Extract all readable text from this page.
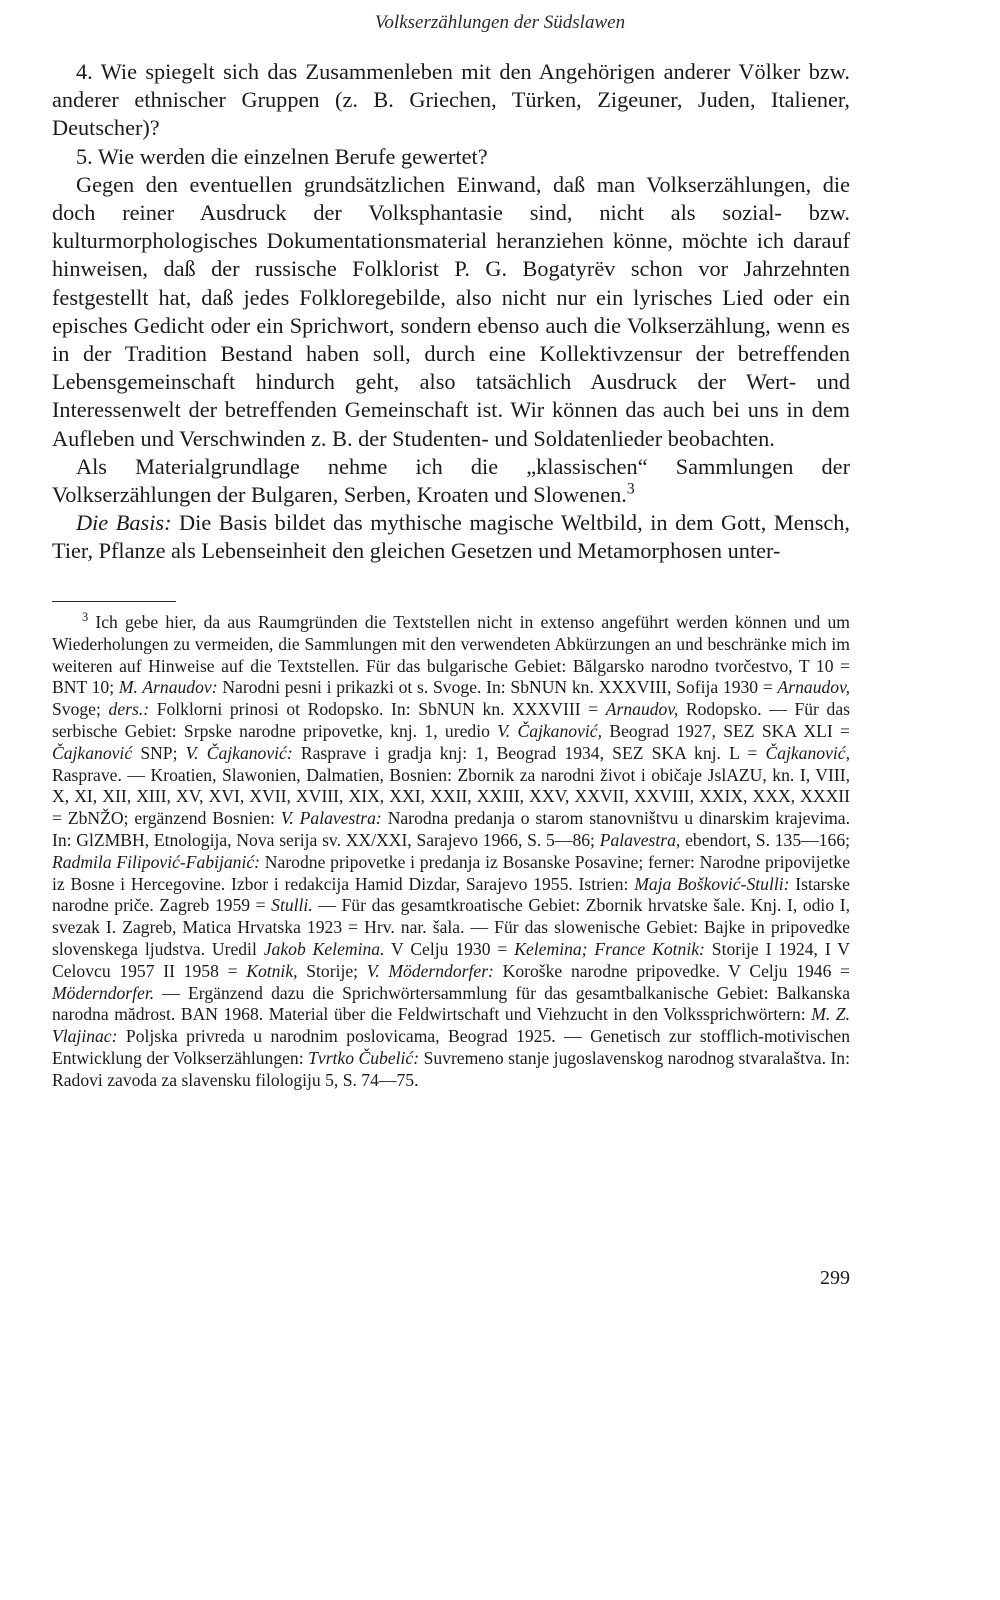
Volkserzählungen der Südslawen

4. Wie spiegelt sich das Zusammenleben mit den Angehörigen anderer Völker bzw. anderer ethnischer Gruppen (z. B. Griechen, Türken, Zigeuner, Juden, Italiener, Deutscher)?

5. Wie werden die einzelnen Berufe gewertet?

Gegen den eventuellen grundsätzlichen Einwand, daß man Volkserzählungen, die doch reiner Ausdruck der Volksphantasie sind, nicht als sozial- bzw. kulturmorphologisches Dokumentationsmaterial heranziehen könne, möchte ich darauf hinweisen, daß der russische Folklorist P. G. Bogatyrëv schon vor Jahrzehnten festgestellt hat, daß jedes Folkloregebilde, also nicht nur ein lyrisches Lied oder ein episches Gedicht oder ein Sprichwort, sondern ebenso auch die Volkserzählung, wenn es in der Tradition Bestand haben soll, durch eine Kollektivzensur der betreffenden Lebensgemeinschaft hindurch geht, also tatsächlich Ausdruck der Wert- und Interessenwelt der betreffenden Gemeinschaft ist. Wir können das auch bei uns in dem Aufleben und Verschwinden z. B. der Studenten- und Soldatenlieder beobachten.

Als Materialgrundlage nehme ich die „klassischen“ Sammlungen der Volkserzählungen der Bulgaren, Serben, Kroaten und Slowenen.$^3$

Die Basis: Die Basis bildet das mythische magische Weltbild, in dem Gott, Mensch, Tier, Pflanze als Lebenseinheit den gleichen Gesetzen und Metamorphosen unter-

$^3$ Ich gebe hier, da aus Raumgründen die Textstellen nicht in extenso angeführt werden können und um Wiederholungen zu vermeiden, die Sammlungen mit den verwendeten Abkürzungen an und beschränke mich im weiteren auf Hinweise auf die Textstellen. Für das bulgarische Gebiet: Bălgarsko narodno tvorčestvo, T 10 = BNT 10; M. Arnaudov: Narodni pesni i prikazki ot s. Svoge. In: SbNUN kn. XXXVIII, Sofija 1930 = Arnaudov, Svoge; ders.: Folklorni prinosi ot Rodopsko. In: SbNUN kn. XXXVIII = Arnaudov, Rodopsko. — Für das serbische Gebiet: Srpske narodne pripovetke, knj. 1, uredio V. Čajkanović, Beograd 1927, SEZ SKA XLI = Čajkanović SNP; V. Čajkanović: Rasprave i gradja knj: 1, Beograd 1934, SEZ SKA knj. L = Čajkanović, Rasprave. — Kroatien, Slawonien, Dalmatien, Bosnien: Zbornik za narodni život i običaje JslAZU, kn. I, VIII, X, XI, XII, XIII, XV, XVI, XVII, XVIII, XIX, XXI, XXII, XXIII, XXV, XXVII, XXVIII, XXIX, XXX, XXXII = ZbNŽO; ergänzend Bosnien: V. Palavestra: Narodna predanja o starom stanovništvu u dinarskim krajevima. In: GlZMBH, Etnologija, Nova serija sv. XX/XXI, Sarajevo 1966, S. 5—86; Palavestra, ebendort, S. 135—166; Radmila Filipović-Fabijanić: Narodne pripovetke i predanja iz Bosanske Posavine; ferner: Narodne pripovijetke iz Bosne i Hercegovine. Izbor i redakcija Hamid Dizdar, Sarajevo 1955. Istrien: Maja Bošković-Stulli: Istarske narodne priče. Zagreb 1959 = Stulli. — Für das gesamtkroatische Gebiet: Zbornik hrvatske šale. Knj. I, odio I, svezak I. Zagreb, Matica Hrvatska 1923 = Hrv. nar. šala. — Für das slowenische Gebiet: Bajke in pripovedke slovenskega ljudstva. Uredil Jakob Kelemina. V Celju 1930 = Kelemina; France Kotnik: Storije I 1924, I V Celovcu 1957 II 1958 = Kotnik, Storije; V. Möderndorfer: Koroške narodne pripovedke. V Celju 1946 = Möderndorfer. — Ergänzend dazu die Sprichwörtersammlung für das gesamtbalkanische Gebiet: Balkanska narodna mădrost. BAN 1968. Material über die Feldwirtschaft und Viehzucht in den Volkssprichwörtern: M. Z. Vlajinac: Poljska privreda u narodnim poslovicama, Beograd 1925. — Genetisch zur stofflich-motivischen Entwicklung der Volkserzählungen: Tvrtko Čubelić: Suvremeno stanje jugoslavenskog narodnog stvaralaštva. In: Radovi zavoda za slavensku filologiju 5, S. 74—75.

299
